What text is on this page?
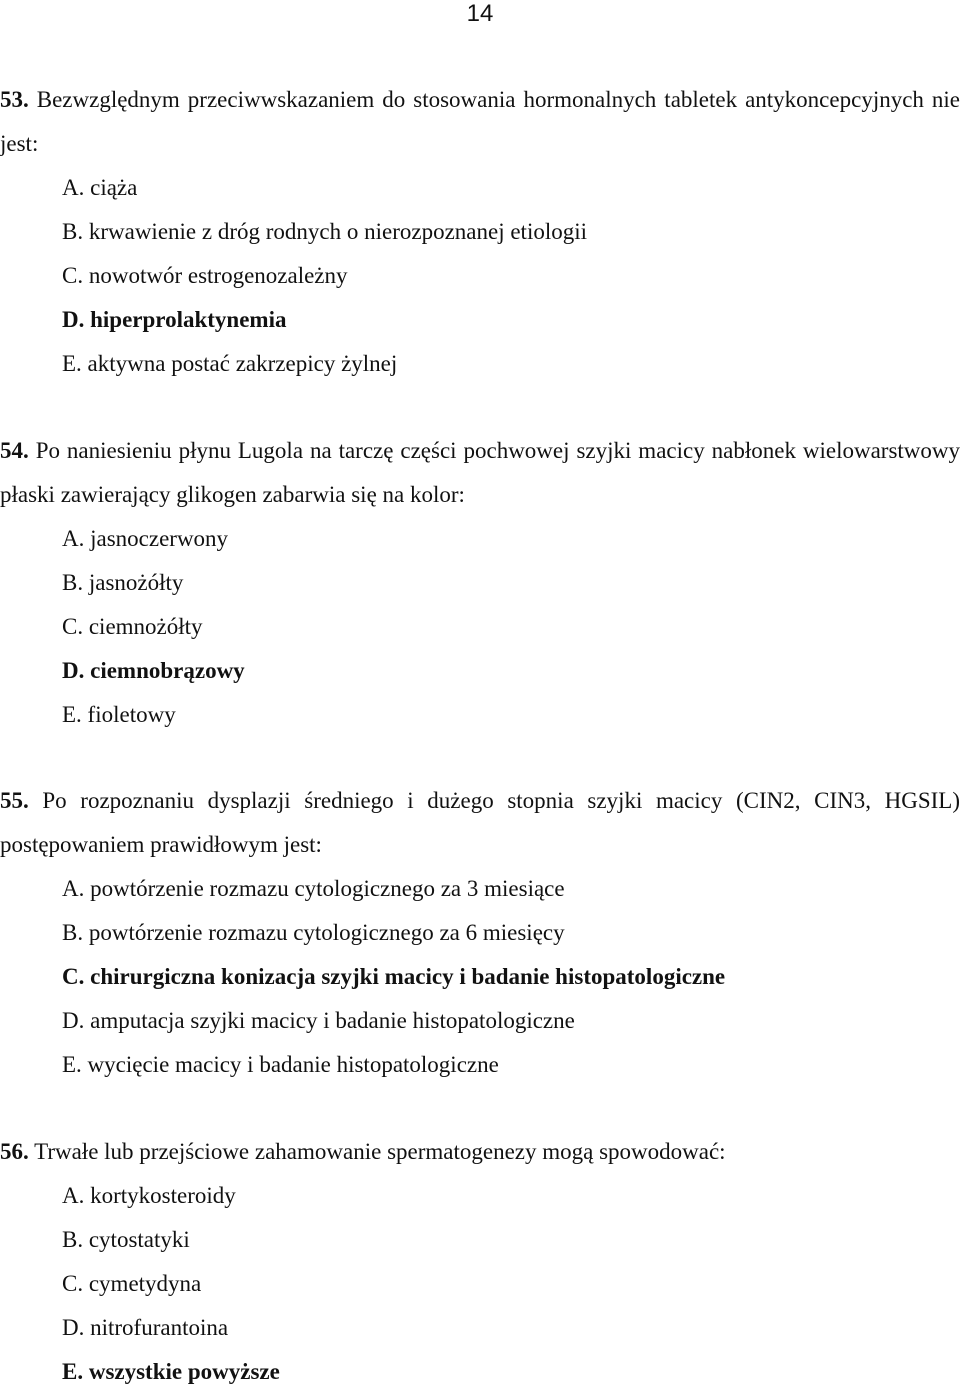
14

53. Bezwzględnym przeciwwskazaniem do stosowania hormonalnych tabletek antykoncepcyjnych nie jest:

A. ciąża
B. krwawienie z dróg rodnych o nierozpoznanej etiologii
C. nowotwór estrogenozależny
D. hiperprolaktynemia
E. aktywna postać zakrzepicy żylnej

54. Po naniesieniu płynu Lugola na tarczę części pochwowej szyjki macicy nabłonek wielowarstwowy płaski zawierający glikogen zabarwia się na kolor:

A. jasnoczerwony
B. jasnożółty
C. ciemnożółty
D. ciemnobrązowy
E. fioletowy

55. Po rozpoznaniu dysplazji średniego i dużego stopnia szyjki macicy (CIN2, CIN3, HGSIL) postępowaniem prawidłowym jest:

A. powtórzenie rozmazu cytologicznego za 3 miesiące
B. powtórzenie rozmazu cytologicznego za 6 miesięcy
C. chirurgiczna konizacja szyjki macicy i badanie histopatologiczne
D. amputacja szyjki macicy i badanie histopatologiczne
E. wycięcie macicy i badanie histopatologiczne

56. Trwałe lub przejściowe zahamowanie spermatogenezy mogą spowodować:

A. kortykosteroidy
B. cytostatyki
C. cymetydyna
D. nitrofurantoina
E. wszystkie powyższe
